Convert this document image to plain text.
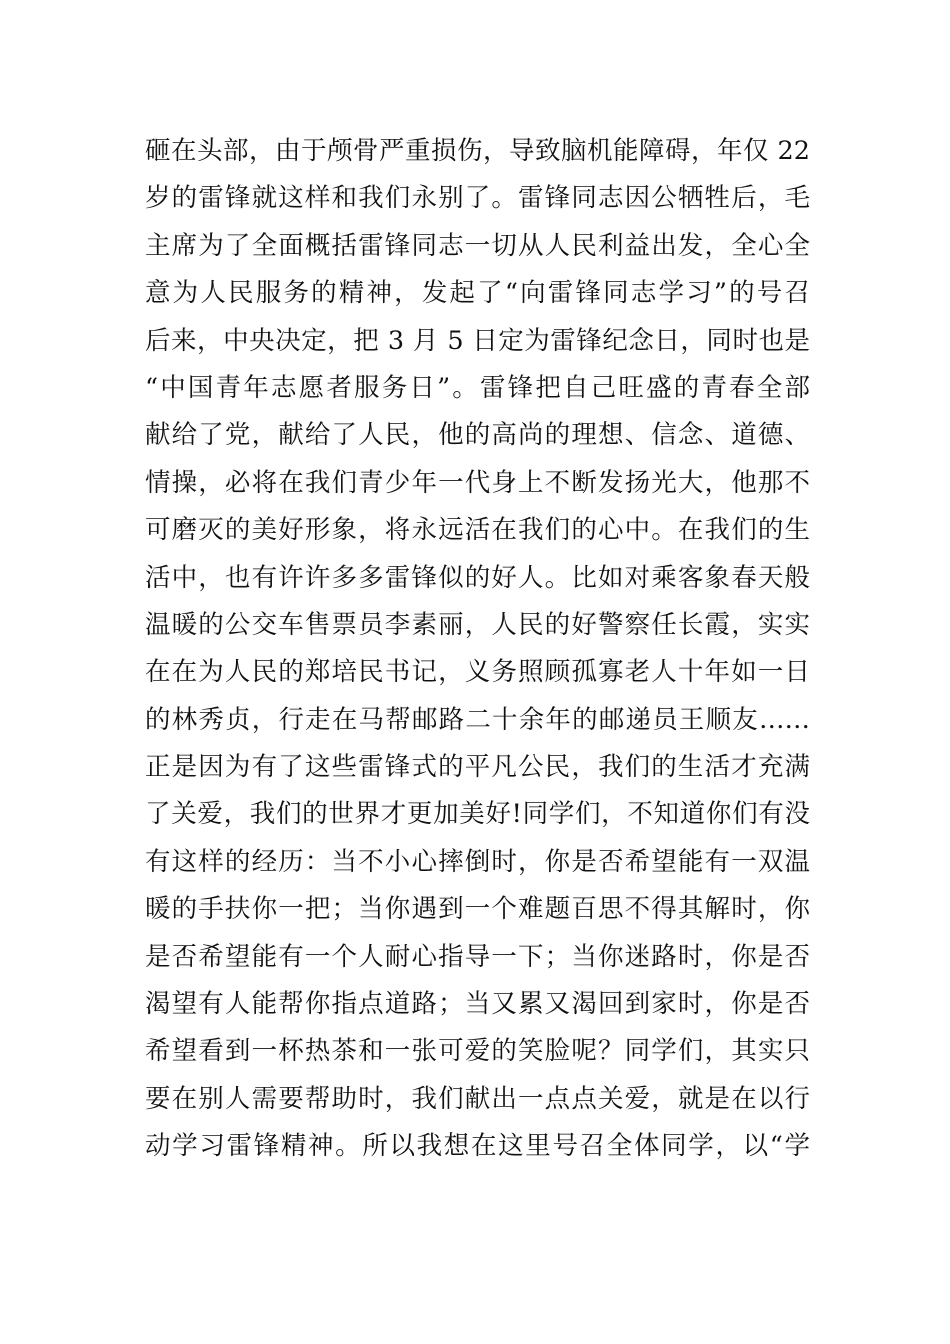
砸在头部，由于颅骨严重损伤，导致脑机能障碍，年仅 22
岁的雷锋就这样和我们永别了。雷锋同志因公牺牲后，毛
主席为了全面概括雷锋同志一切从人民利益出发，全心全
意为人民服务的精神，发起了“向雷锋同志学习”的号召
后来，中央决定，把 3 月 5 日定为雷锋纪念日，同时也是
“中国青年志愿者服务日”。雷锋把自己旺盛的青春全部
献给了党，献给了人民，他的高尚的理想、信念、道德、
情操，必将在我们青少年一代身上不断发扬光大，他那不
可磨灭的美好形象，将永远活在我们的心中。在我们的生
活中，也有许许多多雷锋似的好人。比如对乘客象春天般
温暖的公交车售票员李素丽，人民的好警察任长霞，实实
在在为人民的郑培民书记，义务照顾孤寡老人十年如一日
的林秀贞，行走在马帮邮路二十余年的邮递员王顺友……
正是因为有了这些雷锋式的平凡公民，我们的生活才充满
了关爱，我们的世界才更加美好!同学们，不知道你们有没
有这样的经历：当不小心摔倒时，你是否希望能有一双温
暖的手扶你一把；当你遇到一个难题百思不得其解时，你
是否希望能有一个人耐心指导一下；当你迷路时，你是否
渴望有人能帮你指点道路；当又累又渴回到家时，你是否
希望看到一杯热茶和一张可爱的笑脸呢？同学们，其实只
要在别人需要帮助时，我们献出一点点关爱，就是在以行
动学习雷锋精神。所以我想在这里号召全体同学，以“学
